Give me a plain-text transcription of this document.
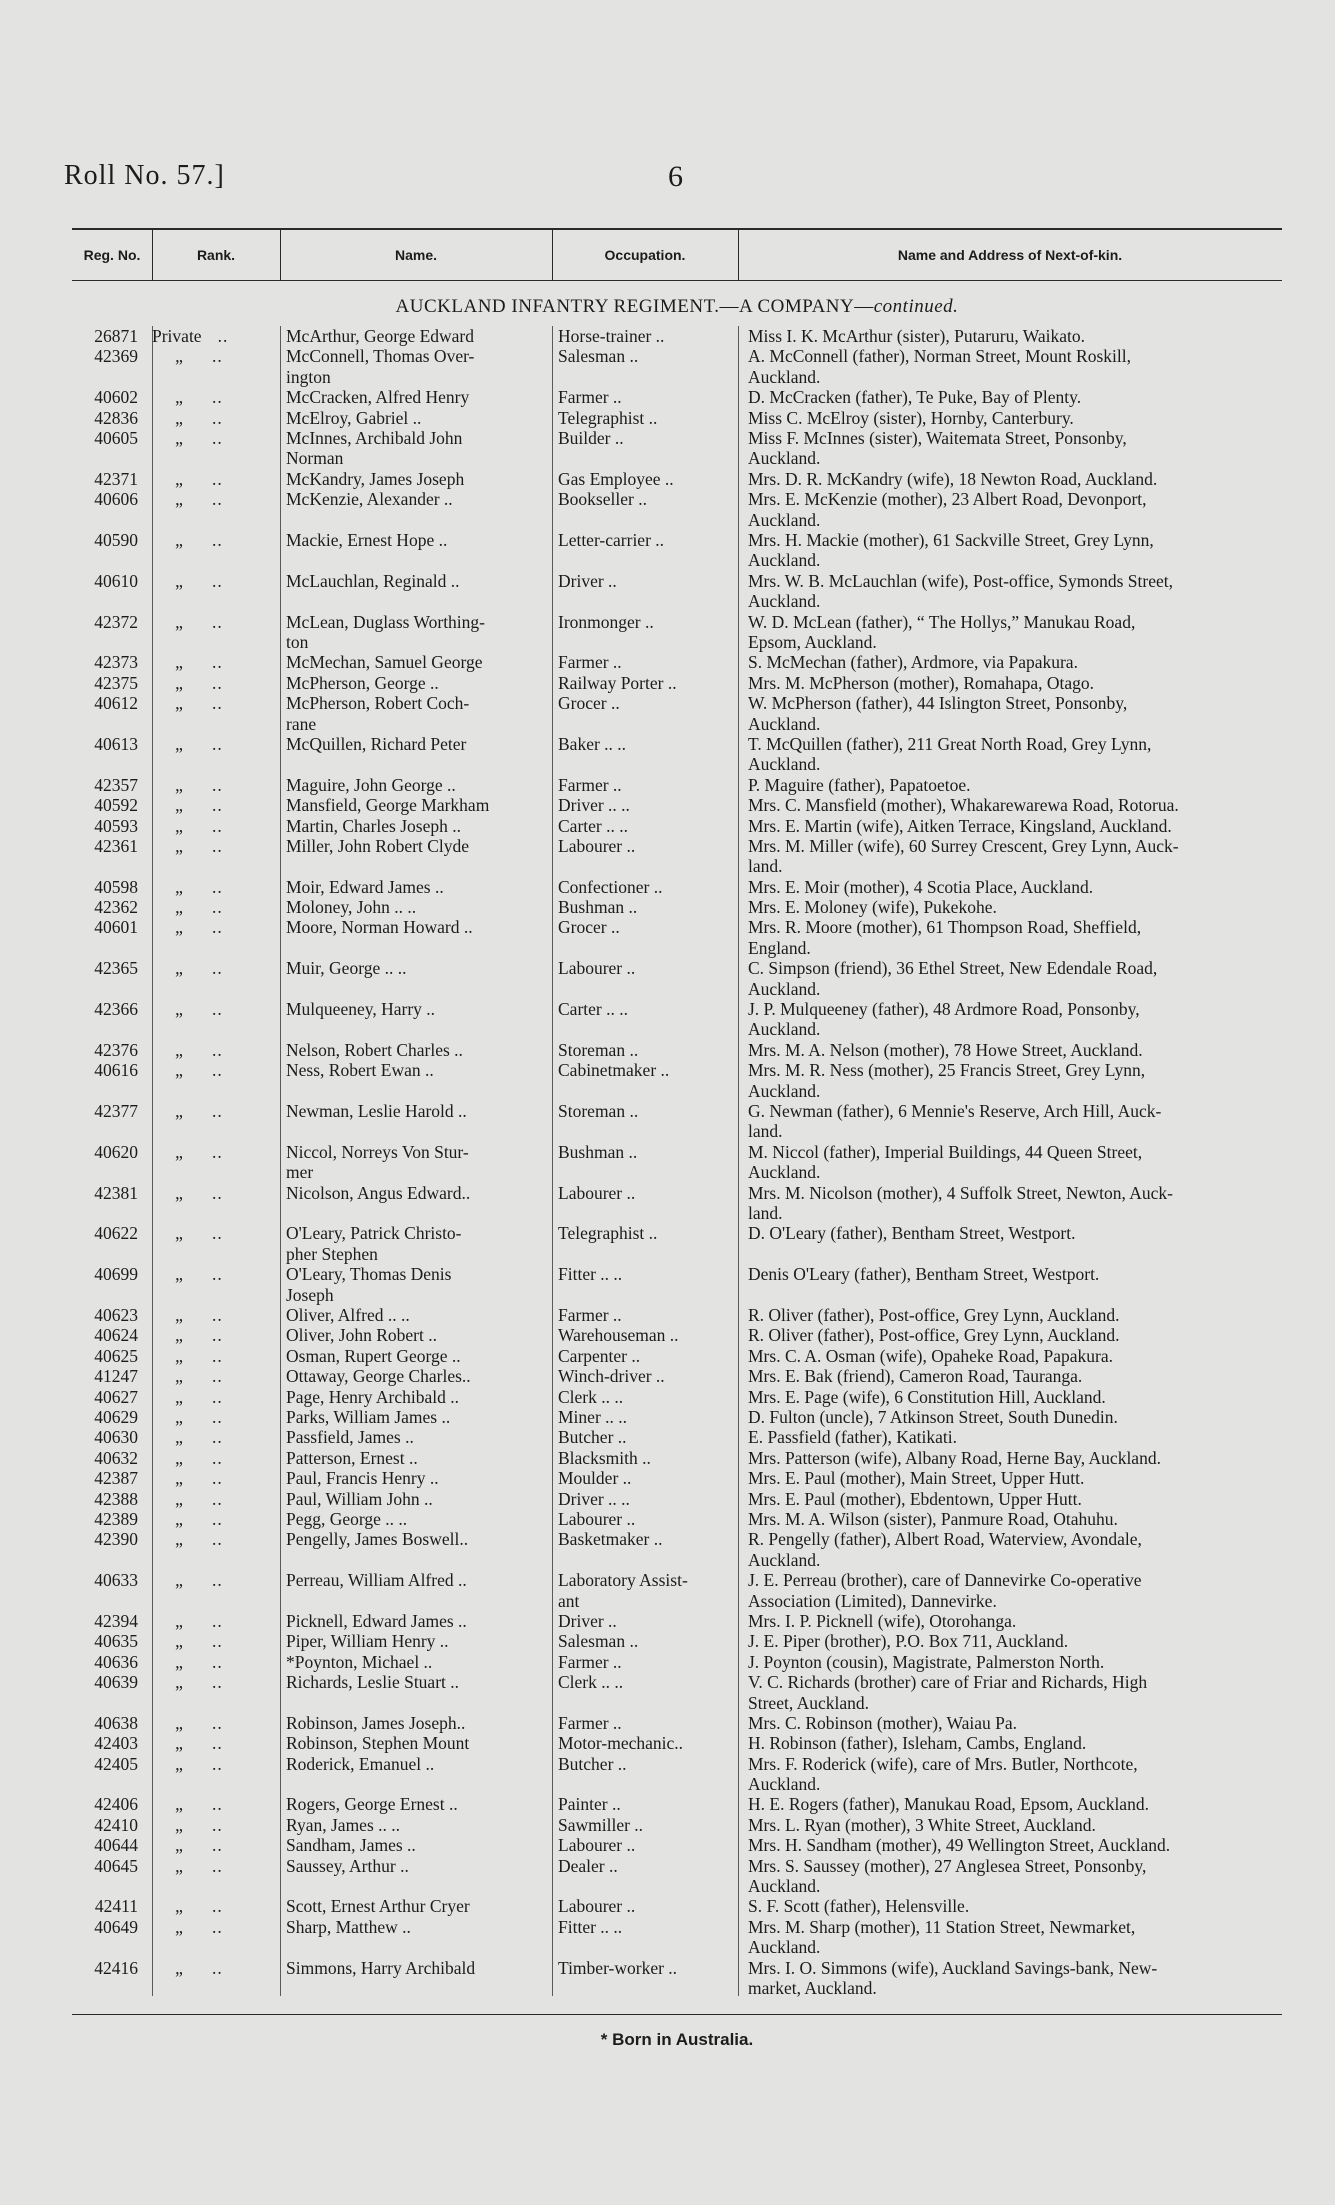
Roll No. 57.]	6
Reg. No.	Rank.	Name.	Occupation.	Name and Address of Next-of-kin.
AUCKLAND INFANTRY REGIMENT.—A COMPANY—continued.
26871 Private ..	McArthur, George Edward	Horse-trainer ..	Miss I. K. McArthur (sister), Putaruru, Waikato.
42369	„ ..	McConnell, Thomas Over-
ington
Salesman ..	A. McConnell (father), Norman Street, Mount Roskill,
Auckland.
40602	„ ..	McCracken, Alfred Henry	Farmer ..	D. McCracken (father), Te Puke, Bay of Plenty.
42836	„ ..	McElroy, Gabriel ..	Telegraphist ..	Miss C. McElroy (sister), Hornby, Canterbury.
40605	„ ..	McInnes, Archibald John
Norman
Builder ..	Miss F. McInnes (sister), Waitemata Street, Ponsonby,
Auckland.
42371	„ ..	McKandry, James Joseph	Gas Employee ..	Mrs. D. R. McKandry (wife), 18 Newton Road, Auckland.
40606	„ ..	McKenzie, Alexander ..	Bookseller ..	Mrs. E. McKenzie (mother), 23 Albert Road, Devonport,
Auckland.
40590	„ ..	Mackie, Ernest Hope ..	Letter-carrier ..	Mrs. H. Mackie (mother), 61 Sackville Street, Grey Lynn,
Auckland.
40610	„ ..	McLauchlan, Reginald ..	Driver ..	Mrs. W. B. McLauchlan (wife), Post-office, Symonds Street,
Auckland.
42372	„ ..	McLean, Duglass Worthing-
ton
Ironmonger ..	W. D. McLean (father), “ The Hollys,” Manukau Road,
Epsom, Auckland.
42373	„ ..	McMechan, Samuel George	Farmer ..	S. McMechan (father), Ardmore, via Papakura.
42375	„ ..	McPherson, George ..	Railway Porter ..	Mrs. M. McPherson (mother), Romahapa, Otago.
40612	„ ..	McPherson, Robert Coch-
rane
Grocer ..	W. McPherson (father), 44 Islington Street, Ponsonby,
Auckland.
40613	„ ..	McQuillen, Richard Peter	Baker .. ..	T. McQuillen (father), 211 Great North Road, Grey Lynn,
Auckland.
42357	„ ..	Maguire, John George ..	Farmer ..	P. Maguire (father), Papatoetoe.
40592	„ ..	Mansfield, George Markham	Driver .. ..	Mrs. C. Mansfield (mother), Whakarewarewa Road, Rotorua.
40593	„ ..	Martin, Charles Joseph ..	Carter .. ..	Mrs. E. Martin (wife), Aitken Terrace, Kingsland, Auckland.
42361	„ ..	Miller, John Robert Clyde	Labourer ..	Mrs. M. Miller (wife), 60 Surrey Crescent, Grey Lynn, Auck-
land.
40598	„ ..	Moir, Edward James ..	Confectioner ..	Mrs. E. Moir (mother), 4 Scotia Place, Auckland.
42362	„ ..	Moloney, John .. ..	Bushman ..	Mrs. E. Moloney (wife), Pukekohe.
40601	„ ..	Moore, Norman Howard ..	Grocer ..	Mrs. R. Moore (mother), 61 Thompson Road, Sheffield,
England.
42365	„ ..	Muir, George .. ..	Labourer ..	C. Simpson (friend), 36 Ethel Street, New Edendale Road,
Auckland.
42366	„ ..	Mulqueeney, Harry ..	Carter .. ..	J. P. Mulqueeney (father), 48 Ardmore Road, Ponsonby,
Auckland.
42376	„ ..	Nelson, Robert Charles ..	Storeman ..	Mrs. M. A. Nelson (mother), 78 Howe Street, Auckland.
40616	„ ..	Ness, Robert Ewan ..	Cabinetmaker ..	Mrs. M. R. Ness (mother), 25 Francis Street, Grey Lynn,
Auckland.
42377	„ ..	Newman, Leslie Harold ..	Storeman ..	G. Newman (father), 6 Mennie's Reserve, Arch Hill, Auck-
land.
40620	„ ..	Niccol, Norreys Von Stur-
mer
Bushman ..	M. Niccol (father), Imperial Buildings, 44 Queen Street,
Auckland.
42381	„ ..	Nicolson, Angus Edward..	Labourer ..	Mrs. M. Nicolson (mother), 4 Suffolk Street, Newton, Auck-
land.
40622	„ ..	O'Leary, Patrick Christo-
pher Stephen
Telegraphist ..	D. O'Leary (father), Bentham Street, Westport.
40699	„ ..	O'Leary, Thomas Denis
Joseph
Fitter .. ..	Denis O'Leary (father), Bentham Street, Westport.
40623	„ ..	Oliver, Alfred .. ..	Farmer ..	R. Oliver (father), Post-office, Grey Lynn, Auckland.
40624	„ ..	Oliver, John Robert ..	Warehouseman ..	R. Oliver (father), Post-office, Grey Lynn, Auckland.
40625	„ ..	Osman, Rupert George ..	Carpenter ..	Mrs. C. A. Osman (wife), Opaheke Road, Papakura.
41247	„ ..	Ottaway, George Charles..	Winch-driver ..	Mrs. E. Bak (friend), Cameron Road, Tauranga.
40627	„ ..	Page, Henry Archibald ..	Clerk .. ..	Mrs. E. Page (wife), 6 Constitution Hill, Auckland.
40629	„ ..	Parks, William James ..	Miner .. ..	D. Fulton (uncle), 7 Atkinson Street, South Dunedin.
40630	„ ..	Passfield, James ..	Butcher ..	E. Passfield (father), Katikati.
40632	„ ..	Patterson, Ernest ..	Blacksmith ..	Mrs. Patterson (wife), Albany Road, Herne Bay, Auckland.
42387	„ ..	Paul, Francis Henry ..	Moulder ..	Mrs. E. Paul (mother), Main Street, Upper Hutt.
42388	„ ..	Paul, William John ..	Driver .. ..	Mrs. E. Paul (mother), Ebdentown, Upper Hutt.
42389	„ ..	Pegg, George .. ..	Labourer ..	Mrs. M. A. Wilson (sister), Panmure Road, Otahuhu.
42390	„ ..	Pengelly, James Boswell..	Basketmaker ..	R. Pengelly (father), Albert Road, Waterview, Avondale,
Auckland.
40633	„ ..	Perreau, William Alfred ..	Laboratory Assist-
ant
J. E. Perreau (brother), care of Dannevirke Co-operative
Association (Limited), Dannevirke.
42394	„ ..	Picknell, Edward James ..	Driver ..	Mrs. I. P. Picknell (wife), Otorohanga.
40635	„ ..	Piper, William Henry ..	Salesman ..	J. E. Piper (brother), P.O. Box 711, Auckland.
40636	„ ..	*Poynton, Michael ..	Farmer ..	J. Poynton (cousin), Magistrate, Palmerston North.
40639	„ ..	Richards, Leslie Stuart ..	Clerk .. ..	V. C. Richards (brother) care of Friar and Richards, High
Street, Auckland.
40638	„ ..	Robinson, James Joseph..	Farmer ..	Mrs. C. Robinson (mother), Waiau Pa.
42403	„ ..	Robinson, Stephen Mount	Motor-mechanic..	H. Robinson (father), Isleham, Cambs, England.
42405	„ ..	Roderick, Emanuel ..	Butcher ..	Mrs. F. Roderick (wife), care of Mrs. Butler, Northcote,
Auckland.
42406	„ ..	Rogers, George Ernest ..	Painter ..	H. E. Rogers (father), Manukau Road, Epsom, Auckland.
42410	„ ..	Ryan, James .. ..	Sawmiller ..	Mrs. L. Ryan (mother), 3 White Street, Auckland.
40644	„ ..	Sandham, James ..	Labourer ..	Mrs. H. Sandham (mother), 49 Wellington Street, Auckland.
40645	„ ..	Saussey, Arthur ..	Dealer ..	Mrs. S. Saussey (mother), 27 Anglesea Street, Ponsonby,
Auckland.
42411	„ ..	Scott, Ernest Arthur Cryer	Labourer ..	S. F. Scott (father), Helensville.
40649	„ ..	Sharp, Matthew ..	Fitter .. ..	Mrs. M. Sharp (mother), 11 Station Street, Newmarket,
Auckland.
42416	„ ..	Simmons, Harry Archibald	Timber-worker ..	Mrs. I. O. Simmons (wife), Auckland Savings-bank, New-
market, Auckland.
* Born in Australia.
